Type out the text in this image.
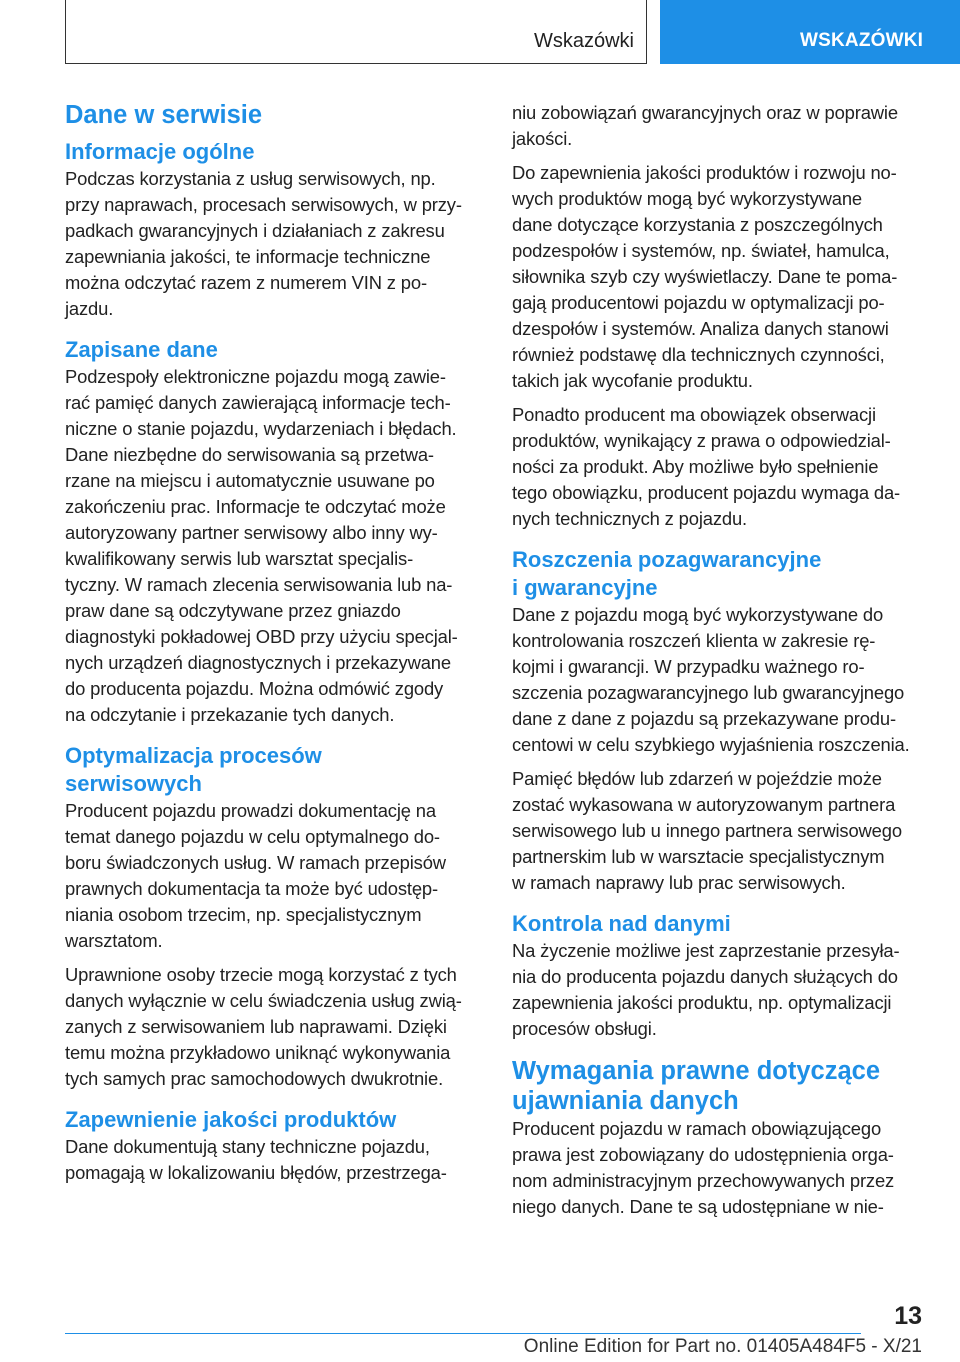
Wskazówki	WSKAZÓWKI
Dane w serwisie
Informacje ogólne

Podczas korzystania z usług serwisowych, np.
przy naprawach, procesach serwisowych, w przy‐
padkach gwarancyjnych i działaniach z zakresu
zapewniania jakości, te informacje techniczne
można odczytać razem z numerem VIN z po‐
jazdu.

Zapisane dane

Podzespoły elektroniczne pojazdu mogą zawie‐
rać pamięć danych zawierającą informacje tech‐
niczne o stanie pojazdu, wydarzeniach i błędach.
Dane niezbędne do serwisowania są przetwa‐
rzane na miejscu i automatycznie usuwane po
zakończeniu prac. Informacje te odczytać może
autoryzowany partner serwisowy albo inny wy‐
kwalifikowany serwis lub warsztat specjalis‐
tyczny. W ramach zlecenia serwisowania lub na‐
praw dane są odczytywane przez gniazdo
diagnostyki pokładowej OBD przy użyciu specjal‐
nych urządzeń diagnostycznych i przekazywane
do producenta pojazdu. Można odmówić zgody
na odczytanie i przekazanie tych danych.

Optymalizacja procesów
serwisowych

Producent pojazdu prowadzi dokumentację na
temat danego pojazdu w celu optymalnego do‐
boru świadczonych usług. W ramach przepisów
prawnych dokumentacja ta może być udostęp‐
niania osobom trzecim, np. specjalistycznym
warsztatom.

Uprawnione osoby trzecie mogą korzystać z tych
danych wyłącznie w celu świadczenia usług zwią‐
zanych z serwisowaniem lub naprawami. Dzięki
temu można przykładowo uniknąć wykonywania
tych samych prac samochodowych dwukrotnie.

Zapewnienie jakości produktów

Dane dokumentują stany techniczne pojazdu,
pomagają w lokalizowaniu błędów, przestrzega‐

niu zobowiązań gwarancyjnych oraz w poprawie
jakości.

Do zapewnienia jakości produktów i rozwoju no‐
wych produktów mogą być wykorzystywane
dane dotyczące korzystania z poszczególnych
podzespołów i systemów, np. świateł, hamulca,
siłownika szyb czy wyświetlaczy. Dane te poma‐
gają producentowi pojazdu w optymalizacji po‐
dzespołów i systemów. Analiza danych stanowi
również podstawę dla technicznych czynności,
takich jak wycofanie produktu.

Ponadto producent ma obowiązek obserwacji
produktów, wynikający z prawa o odpowiedzial‐
ności za produkt. Aby możliwe było spełnienie
tego obowiązku, producent pojazdu wymaga da‐
nych technicznych z pojazdu.

Roszczenia pozagwarancyjne
i gwarancyjne

Dane z pojazdu mogą być wykorzystywane do
kontrolowania roszczeń klienta w zakresie rę‐
kojmi i gwarancji. W przypadku ważnego ro‐
szczenia pozagwarancyjnego lub gwarancyjnego
dane z dane z pojazdu są przekazywane produ‐
centowi w celu szybkiego wyjaśnienia roszczenia.

Pamięć błędów lub zdarzeń w pojeździe może
zostać wykasowana w autoryzowanym partnera
serwisowego lub u innego partnera serwisowego
partnerskim lub w warsztacie specjalistycznym
w ramach naprawy lub prac serwisowych.

Kontrola nad danymi

Na życzenie możliwe jest zaprzestanie przesyła‐
nia do producenta pojazdu danych służących do
zapewnienia jakości produktu, np. optymalizacji
procesów obsługi.

Wymagania prawne dotyczące
ujawniania danych

Producent pojazdu w ramach obowiązującego
prawa jest zobowiązany do udostępnienia orga‐
nom administracyjnym przechowywanych przez
niego danych. Dane te są udostępniane w nie‐

13
Online Edition for Part no. 01405A484F5 - X/21
